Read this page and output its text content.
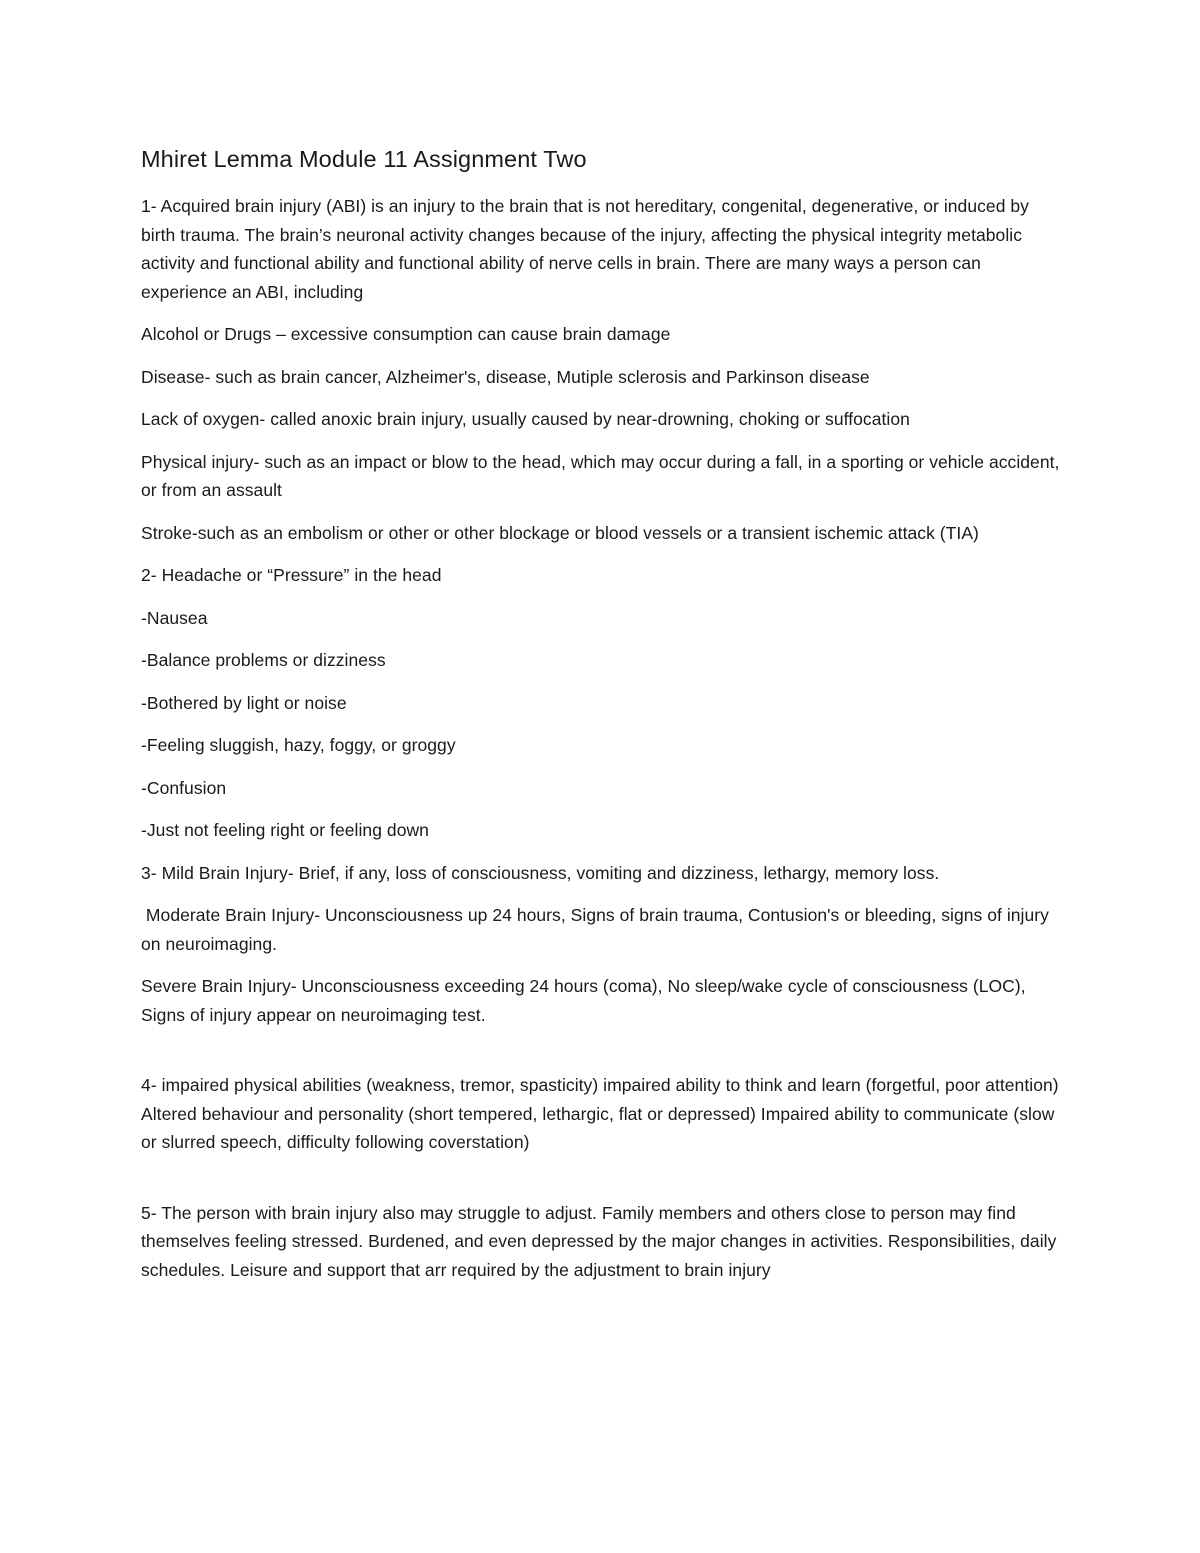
Mhiret Lemma Module 11 Assignment Two

1- Acquired brain injury (ABI) is an injury to the brain that is not hereditary, congenital, degenerative, or induced by birth trauma. The brain’s neuronal activity changes because of the injury, affecting the physical integrity metabolic activity and functional ability and functional ability of nerve cells in brain. There are many ways a person can experience an ABI, including

Alcohol or Drugs – excessive consumption can cause brain damage

Disease- such as brain cancer, Alzheimer's, disease, Mutiple sclerosis and Parkinson disease

Lack of oxygen- called anoxic brain injury, usually caused by near-drowning, choking or suffocation

Physical injury- such as an impact or blow to the head, which may occur during a fall, in a sporting or vehicle accident, or from an assault

Stroke-such as an embolism or other or other blockage or blood vessels or a transient ischemic attack (TIA)

2- Headache or “Pressure” in the head

-Nausea

-Balance problems or dizziness

-Bothered by light or noise

-Feeling sluggish, hazy, foggy, or groggy

-Confusion

-Just not feeling right or feeling down

3- Mild Brain Injury- Brief, if any, loss of consciousness, vomiting and dizziness, lethargy, memory loss.

Moderate Brain Injury- Unconsciousness up 24 hours, Signs of brain trauma, Contusion's or bleeding, signs of injury on neuroimaging.

Severe Brain Injury- Unconsciousness exceeding 24 hours (coma), No sleep/wake cycle of consciousness (LOC), Signs of injury appear on neuroimaging test.

4- impaired physical abilities (weakness, tremor, spasticity) impaired ability to think and learn (forgetful, poor attention) Altered behaviour and personality (short tempered, lethargic, flat or depressed) Impaired ability to communicate (slow or slurred speech, difficulty following coverstation)

5- The person with brain injury also may struggle to adjust. Family members and others close to person may find themselves feeling stressed. Burdened, and even depressed by the major changes in activities. Responsibilities, daily schedules. Leisure and support that arr required by the adjustment to brain injury
